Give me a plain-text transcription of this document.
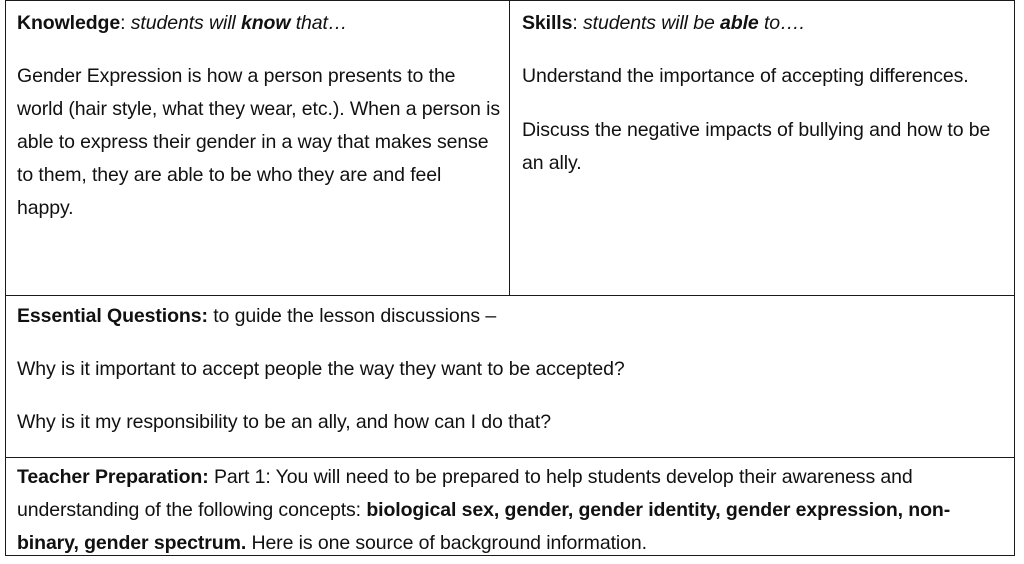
Knowledge: students will know that…

Gender Expression is how a person presents to the world (hair style, what they wear, etc.). When a person is able to express their gender in a way that makes sense to them, they are able to be who they are and feel happy.

Skills: students will be able to….

Understand the importance of accepting differences.

Discuss the negative impacts of bullying and how to be an ally.

Essential Questions: to guide the lesson discussions –

Why is it important to accept people the way they want to be accepted?

Why is it my responsibility to be an ally, and how can I do that?

Teacher Preparation: Part 1: You will need to be prepared to help students develop their awareness and understanding of the following concepts: biological sex, gender, gender identity, gender expression, non-binary, gender spectrum. Here is one source of background information.
